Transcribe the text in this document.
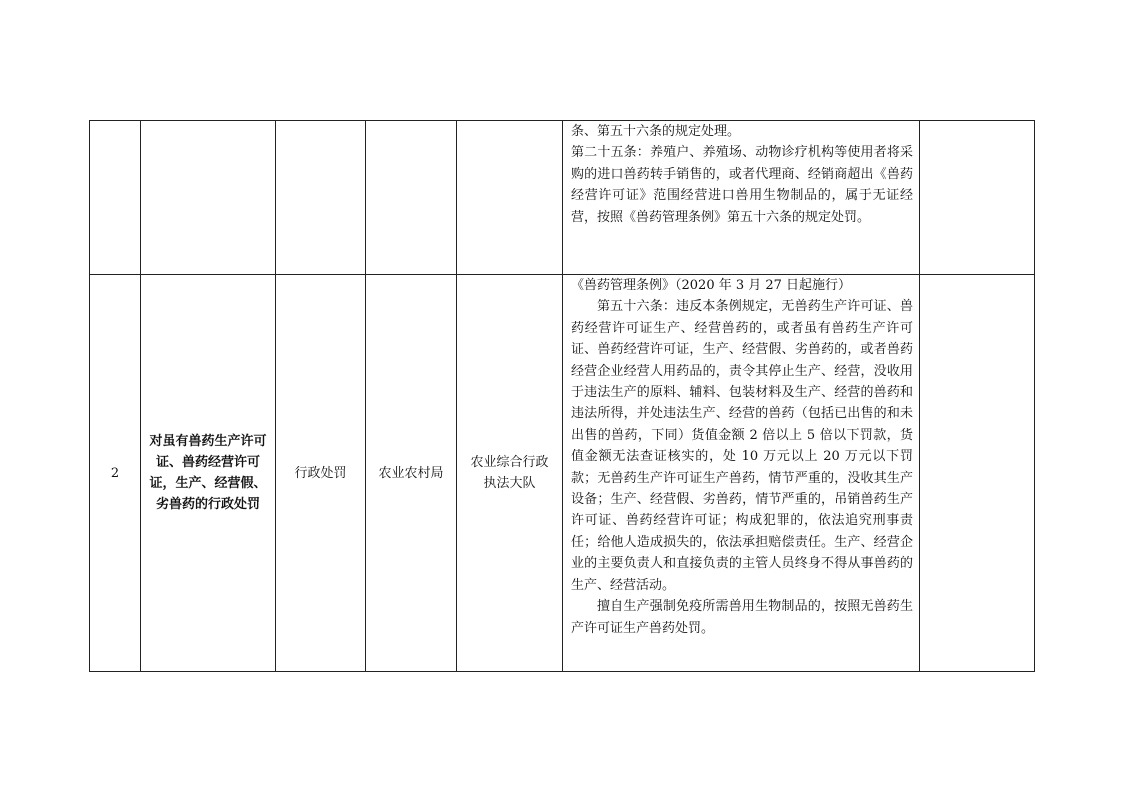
					条、第五十六条的规定处理。

第二十五条：养殖户、养殖场、动物诊疗机构等使用者将采购的进口兽药转手销售的，或者代理商、经销商超出《兽药经营许可证》范围经营进口兽用生物制品的，属于无证经营，按照《兽药管理条例》第五十六条的规定处罚。	

2	对虽有兽药生产许可证、兽药经营许可证，生产、经营假、劣兽药的行政处罚	行政处罚	农业农村局	农业综合行政执法大队	《兽药管理条例》（2020 年 3 月 27 日起施行）

第五十六条：违反本条例规定，无兽药生产许可证、兽药经营许可证生产、经营兽药的，或者虽有兽药生产许可证、兽药经营许可证，生产、经营假、劣兽药的，或者兽药经营企业经营人用药品的，责令其停止生产、经营，没收用于违法生产的原料、辅料、包装材料及生产、经营的兽药和违法所得，并处违法生产、经营的兽药（包括已出售的和未出售的兽药，下同）货值金额 2 倍以上 5 倍以下罚款，货值金额无法查证核实的，处 10 万元以上 20 万元以下罚款；无兽药生产许可证生产兽药，情节严重的，没收其生产设备；生产、经营假、劣兽药，情节严重的，吊销兽药生产许可证、兽药经营许可证；构成犯罪的，依法追究刑事责任；给他人造成损失的，依法承担赔偿责任。生产、经营企业的主要负责人和直接负责的主管人员终身不得从事兽药的生产、经营活动。

擅自生产强制免疫所需兽用生物制品的，按照无兽药生产许可证生产兽药处罚。	
